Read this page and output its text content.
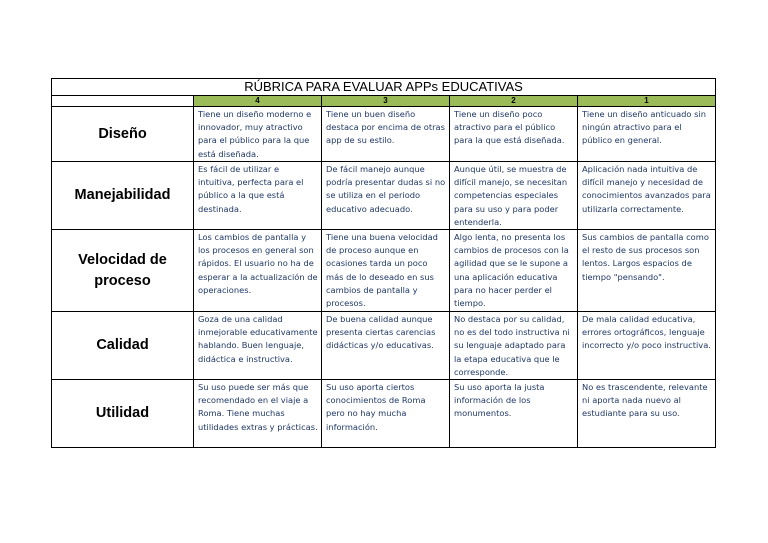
RÚBRICA PARA EVALUAR APPs EDUCATIVAS				
	4	3	2	1
Diseño	Tiene un diseño moderno e innovador, muy atractivo para el público para la que está diseñada.	Tiene un buen diseño destaca por encima de otras app de su estilo.	Tiene un diseño poco atractivo para el público para la que está diseñada.	Tiene un diseño anticuado sin ningún atractivo para el público en general.
Manejabilidad	Es fácil de utilizar e intuitiva, perfecta para el público a la que está destinada.	De fácil manejo aunque podría presentar dudas si no se utiliza en el periodo educativo adecuado.	Aunque útil, se muestra de difícil manejo, se necesitan competencias especiales para su uso y para poder entenderla.	Aplicación nada intuitiva de difícil manejo y necesidad de conocimientos avanzados para utilizarla correctamente.
Velocidad de proceso	Los cambios de pantalla y los procesos en general son rápidos. El usuario no ha de esperar a la actualización de operaciones.	Tiene una buena velocidad de proceso aunque en ocasiones tarda un poco más de lo deseado en sus cambios de pantalla y procesos.	Algo lenta, no presenta los cambios de procesos con la agilidad que se le supone a una aplicación educativa para no hacer perder el tiempo.	Sus cambios de pantalla como el resto de sus procesos son lentos. Largos espacios de tiempo "pensando".
Calidad	Goza de una calidad inmejorable educativamente hablando. Buen lenguaje, didáctica e instructiva.	De buena calidad aunque presenta ciertas carencias didácticas y/o educativas.	No destaca por su calidad, no es del todo instructiva ni su lenguaje adaptado para la etapa educativa que le corresponde.	De mala calidad educativa, errores ortográficos, lenguaje incorrecto y/o poco instructiva.
Utilidad	Su uso puede ser más que recomendado en el viaje a Roma. Tiene muchas utilidades extras y prácticas.	Su uso aporta ciertos conocimientos de Roma pero no hay mucha información.	Su uso aporta la justa información de los monumentos.	No es trascendente, relevante ni aporta nada nuevo al estudiante para su uso.
